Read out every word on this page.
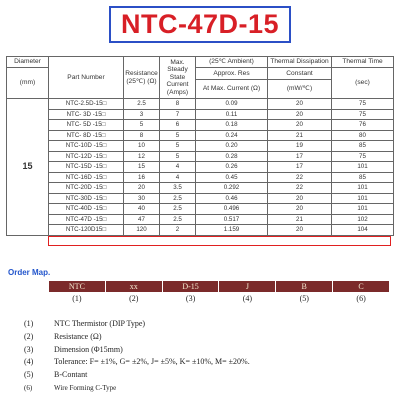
NTC-47D-15
Diameter	Part Number	Resistance (25℃) (Ω)	Max. Steady State Current (Amps)	(25℃ Ambient)	Thermal Dissipation	Thermal Time
(mm)				Approx. Res	Constant	(sec)
				At Max. Current (Ω)	(mW/℃)	
15	NTC-2.5D-15□	2.5	8	0.09	20	75
	NTC- 3D -15□	3	7	0.11	20	75
	NTC- 5D -15□	5	6	0.18	20	76
	NTC- 8D -15□	8	5	0.24	21	80
	NTC-10D -15□	10	5	0.20	19	85
	NTC-12D -15□	12	5	0.28	17	75
	NTC-15D -15□	15	4	0.26	17	101
	NTC-16D -15□	16	4	0.45	22	85
	NTC-20D -15□	20	3.5	0.292	22	101
	NTC-30D -15□	30	2.5	0.46	20	101
	NTC-40D -15□	40	2.5	0.496	20	101
	NTC-47D -15□	47	2.5	0.517	21	102
	NTC-120D15□	120	2	1.159	20	104
Order Map.
NTC	xx	D-15	J	B	C
(1)	(2)	(3)	(4)	(5)	(6)
(1)	NTC Thermistor (DIP Type)
(2)	Resistance (Ω)
(3)	Dimension (Φ15mm)
(4)	Tolerance: F= ±1%, G= ±2%, J= ±5%, K= ±10%, M= ±20%.
(5)	B-Contant
(6)	Wire Forming C-Type
